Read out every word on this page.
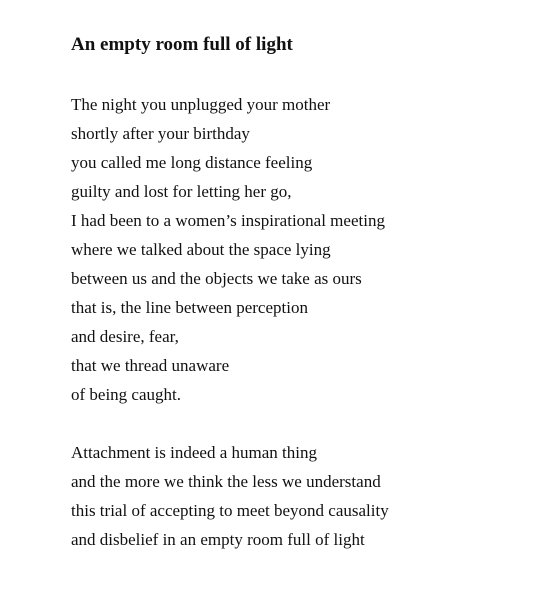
An empty room full of light
The night you unplugged your mother
shortly after your birthday
you called me long distance feeling
guilty and lost for letting her go,
I had been to a women’s inspirational meeting
where we talked about the space lying
between us and the objects we take as ours
that is, the line between perception
and desire, fear,
that we thread unaware
of being caught.
Attachment is indeed a human thing
and the more we think the less we understand
this trial of accepting to meet beyond causality
and disbelief in an empty room full of light
